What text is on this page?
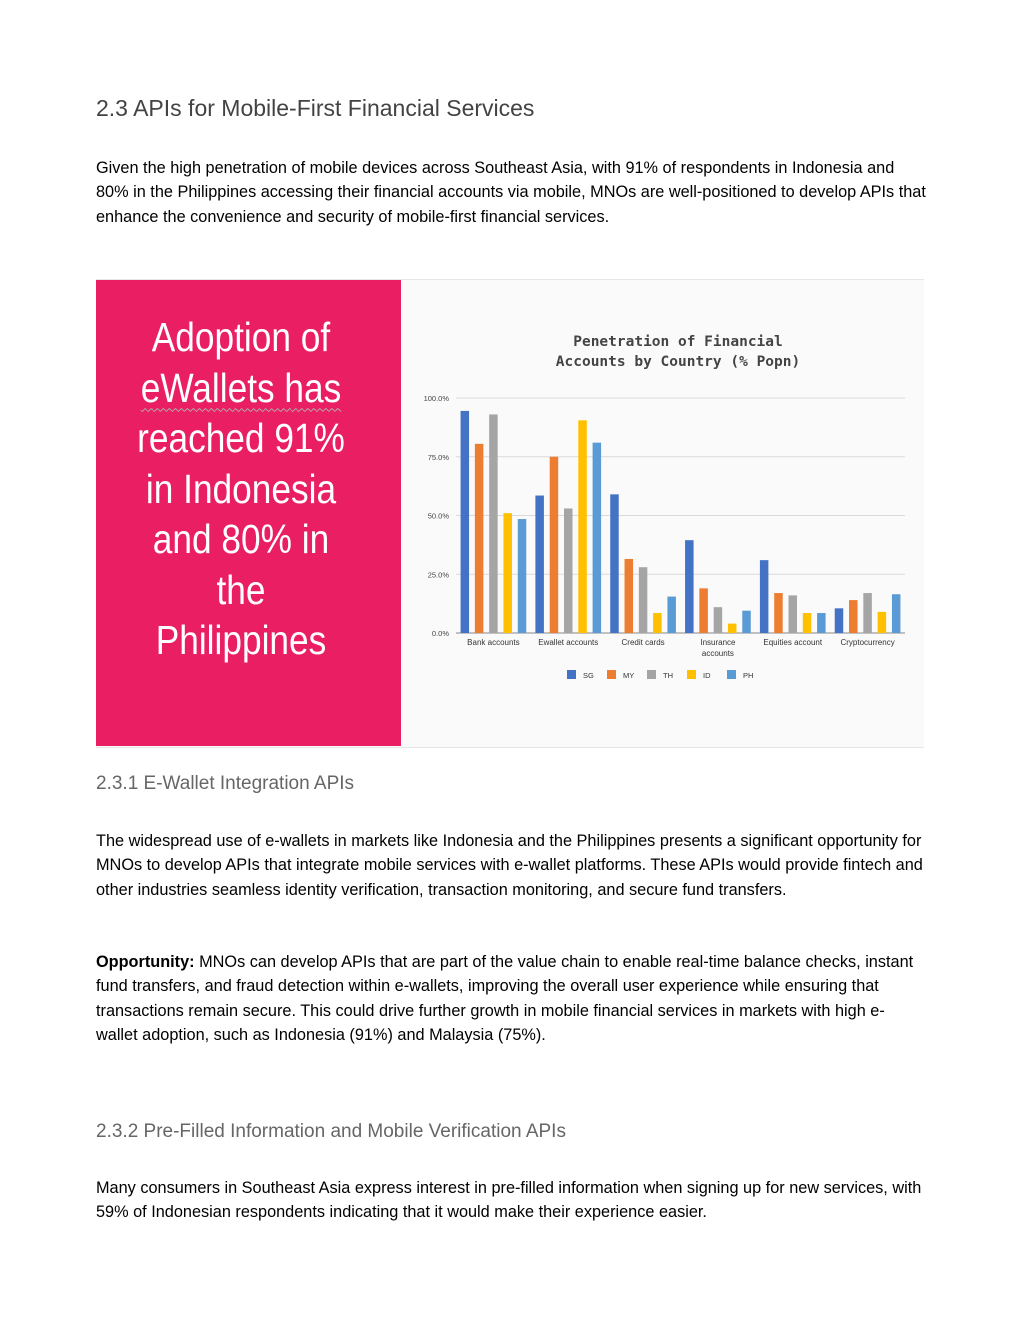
2.3 APIs for Mobile-First Financial Services

Given the high penetration of mobile devices across Southeast Asia, with 91% of respondents in Indonesia and 80% in the Philippines accessing their financial accounts via mobile, MNOs are well-positioned to develop APIs that enhance the convenience and security of mobile-first financial services.

Adoption of
eWallets has
reached 91%
in Indonesia
and 80% in
the
Philippines
Penetration of Financial
Accounts by Country (% Popn)
0.0%
25.0%
50.0%
75.0%
100.0%
Bank accounts Ewallet accounts	Credit cards	Insurance
accounts
Equities account Cryptocurrency
SG	MY	TH	ID	PH
2.3.1 E-Wallet Integration APIs

The widespread use of e-wallets in markets like Indonesia and the Philippines presents a significant opportunity for MNOs to develop APIs that integrate mobile services with e-wallet platforms. These APIs would provide fintech and other industries seamless identity verification, transaction monitoring, and secure fund transfers.

Opportunity: MNOs can develop APIs that are part of the value chain to enable real-time balance checks, instant fund transfers, and fraud detection within e-wallets, improving the overall user experience while ensuring that transactions remain secure. This could drive further growth in mobile financial services in markets with high e-wallet adoption, such as Indonesia (91%) and Malaysia (75%).

2.3.2 Pre-Filled Information and Mobile Verification APIs

Many consumers in Southeast Asia express interest in pre-filled information when signing up for new services, with 59% of Indonesian respondents indicating that it would make their experience easier.
